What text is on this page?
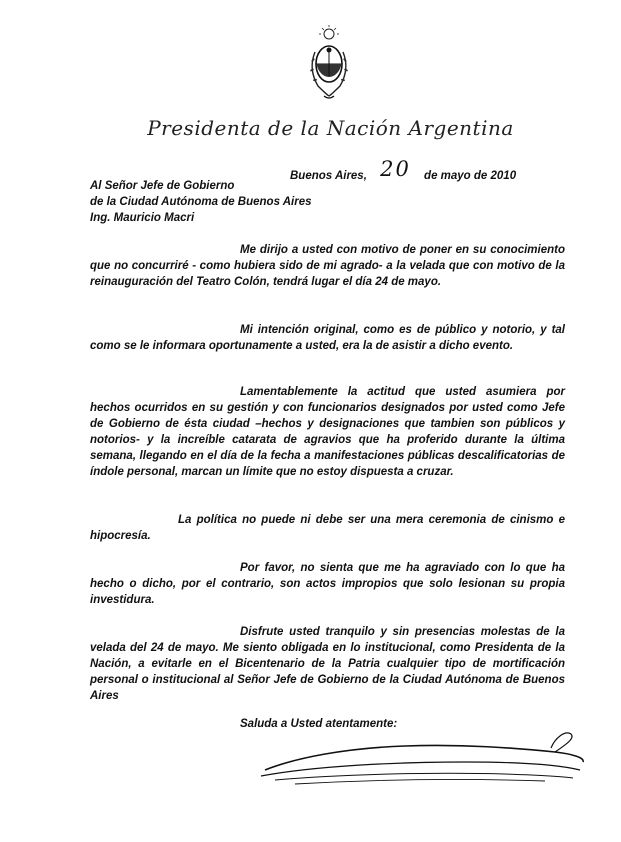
Presidenta de la Nación Argentina
Buenos Aires, 20 de mayo de 2010
Al Señor Jefe de Gobierno
de la Ciudad Autónoma de Buenos Aires
Ing. Mauricio Macri
Me dirijo a usted con motivo de poner en su conocimiento que no concurriré - como hubiera sido de mi agrado- a la velada que con motivo de la reinauguración del Teatro Colón, tendrá lugar el día 24 de mayo.
Mi intención original, como es de público y notorio, y tal como se le informara oportunamente a usted, era la de asistir a dicho evento.
Lamentablemente la actitud que usted asumiera por hechos ocurridos en su gestión y con funcionarios designados por usted como Jefe de Gobierno de ésta ciudad –hechos y designaciones que tambien son públicos y notorios- y la increíble catarata de agravios que ha proferido durante la última semana, llegando en el día de la fecha a manifestaciones públicas descalificatorias de índole personal, marcan un límite que no estoy dispuesta a cruzar.
La política no puede ni debe ser una mera ceremonia de cinismo e hipocresía.
Por favor, no sienta que me ha agraviado con lo que ha hecho o dicho, por el contrario, son actos impropios que solo lesionan su propia investidura.
Disfrute usted tranquilo y sin presencias molestas de la velada del 24 de mayo. Me siento obligada en lo institucional, como Presidenta de la Nación, a evitarle en el Bicentenario de la Patria cualquier tipo de mortificación personal o institucional al Señor Jefe de Gobierno de la Ciudad Autónoma de Buenos Aires
Saluda a Usted atentamente:
